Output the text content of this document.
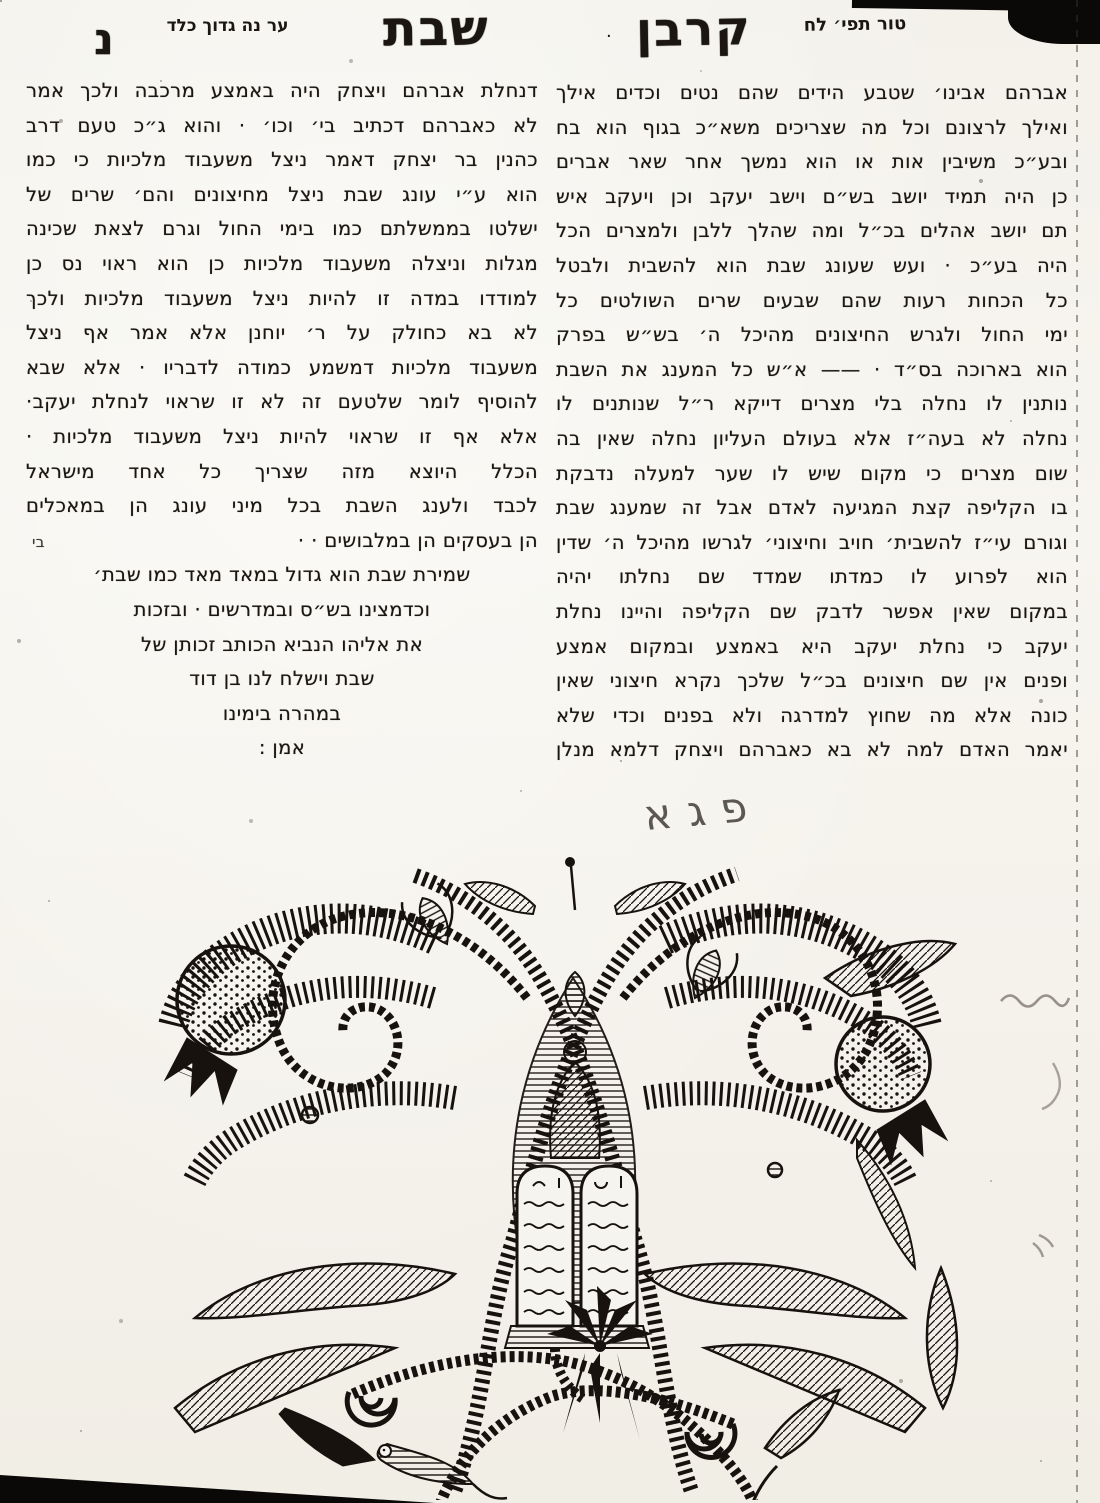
טור תפי׳ לח
קרבן
·
שבת
ער נה גדוך כלד
נ
אברהם אבינו׳ שטבע הידים שהם נטים וכדים אילך
ואילך לרצונם וכל מה שצריכים משא״כ בגוף הוא בח
ובע״כ משיבין אות או הוא נמשך אחר שאר אברים
כן היה תמיד יושב בש״ם וישב יעקב וכן ויעקב איש
תם יושב אהלים בכ״ל ומה שהלך ללבן ולמצרים הכל
היה בע״כ · ועש שעונג שבת הוא להשבית ולבטל
כל הכחות רעות שהם שבעים שרים השולטים כל
ימי החול ולגרש החיצונים מהיכל ה׳ בש״ש בפרק
הוא בארוכה בס״ד · —— א״ש כל המענג את השבת
נותנין לו נחלה בלי מצרים דייקא ר״ל שנותנים לו
נחלה לא בעה״ז אלא בעולם העליון נחלה שאין בה
שום מצרים כי מקום שיש לו שער למעלה נדבקת
בו הקליפה קצת המגיעה לאדם אבל זה שמענג שבת
וגורם עי״ז להשבית׳ חויב וחיצוני׳ לגרשו מהיכל ה׳ שדין
הוא לפרוע לו כמדתו שמדד שם נחלתו יהיה
במקום שאין אפשר לדבק שם הקליפה והיינו נחלת
יעקב כי נחלת יעקב היא באמצע ובמקום אמצע
ופנים אין שם חיצונים בכ״ל שלכך נקרא חיצוני שאין
כונה אלא מה שחוץ למדרגה ולא בפנים וכדי שלא
יאמר האדם למה לא בא כאברהם ויצחק דלמא מנלן
דנחלת אברהם ויצחק היה באמצע מרכבה ולכך אמר
לא כאברהם דכתיב בי׳ וכו׳ · והוא ג״כ טעם דרב
כהנין בר יצחק דאמר ניצל משעבוד מלכיות כי כמו
הוא ע״י עונג שבת ניצל מחיצונים והם׳ שרים של
ישלטו בממשלתם כמו בימי החול וגרם לצאת שכינה
מגלות וניצלה משעבוד מלכיות כן הוא ראוי נס כן
למודדו במדה זו להיות ניצל משעבוד מלכיות ולכך
לא בא כחולק על ר׳ יוחנן אלא אמר אף ניצל
משעבוד מלכיות דמשמע כמודה לדבריו · אלא שבא
להוסיף לומר שלטעם זה לא זו שראוי לנחלת יעקב·
אלא אף זו שראוי להיות ניצל משעבוד מלכיות ·
הכלל היוצא מזה שצריך כל אחד מישראל
לכבד ולענג השבת בכל מיני עונג הן במאכלים
הן בעסקים הן במלבושים · ·
בי
שמירת שבת הוא גדול במאד מאד כמו שבת׳
וכדמצינו בש״ס ובמדרשים · ובזכות
את אליהו הנביא הכותב זכותן של
שבת וישלח לנו בן דוד
במהרה בימינו
אמן :
פגא
